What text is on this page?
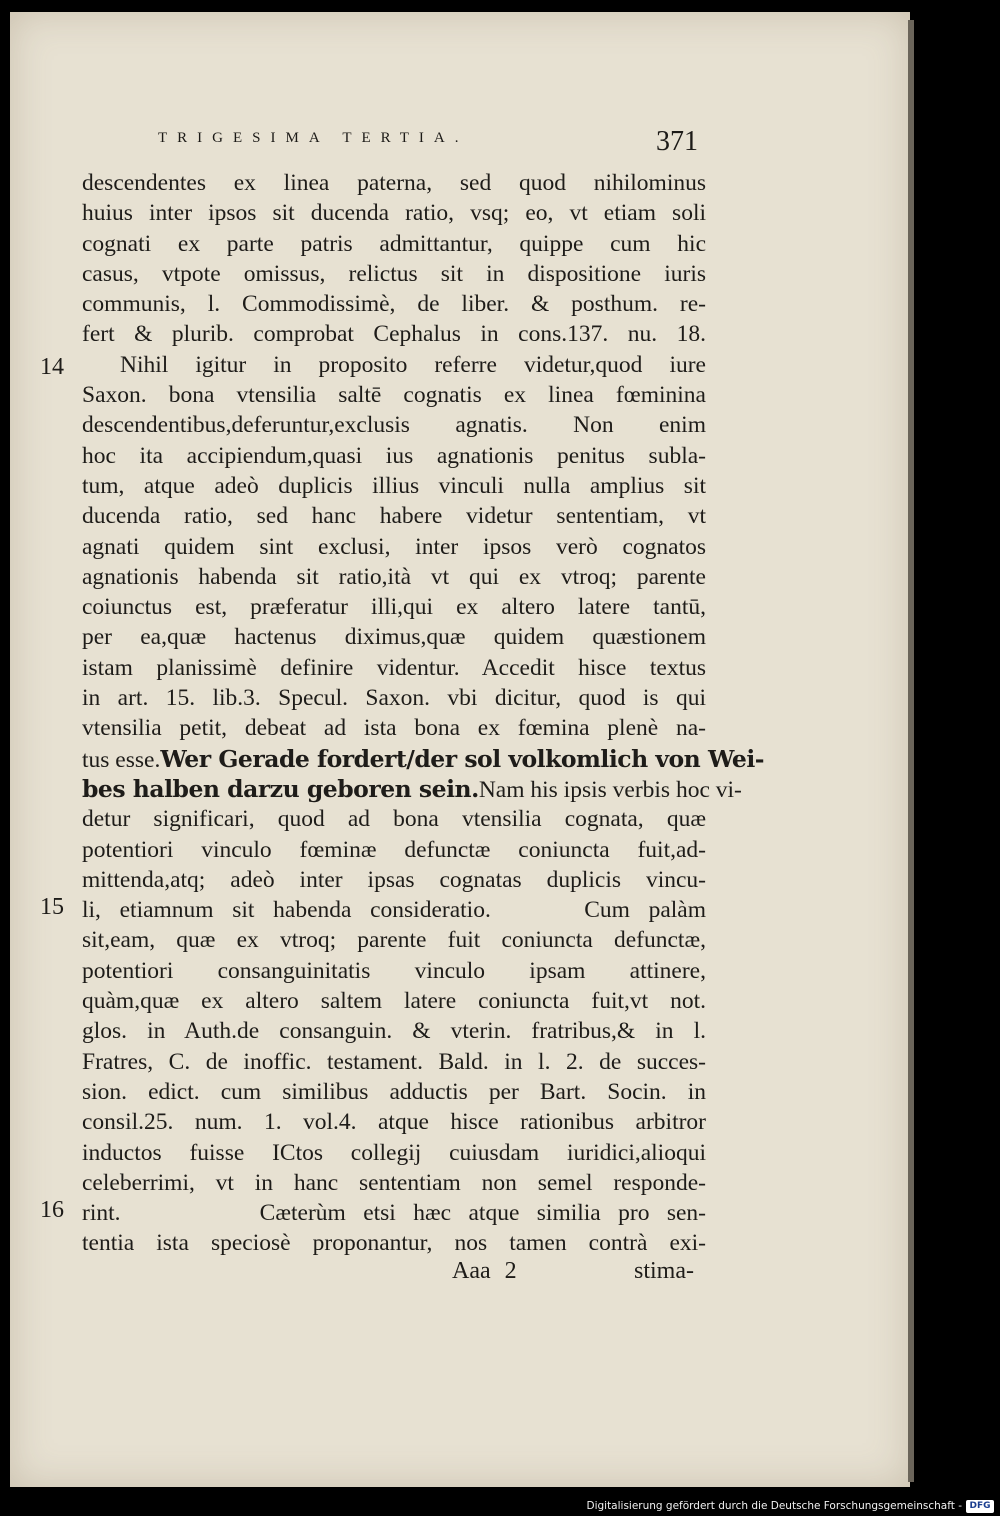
TRIGESIMA TERTIA.	371
descendentes ex linea paterna, sed quod nihilominus
huius inter ipsos sit ducenda ratio, vsq; eo, vt etiam soli
cognati ex parte patris admittantur, quippe cum hic
casus, vtpote omissus, relictus sit in dispositione iuris
communis, l. Commodissimè, de liber. & posthum. re-
fert & plurib. comprobat Cephalus in cons.137. nu. 18.
Nihil igitur in proposito referre videtur,quod iure
Saxon. bona vtensilia saltē cognatis ex linea fœminina
descendentibus,deferuntur,exclusis agnatis. Non enim
hoc ita accipiendum,quasi ius agnationis penitus subla-
tum, atque adeò duplicis illius vinculi nulla amplius sit
ducenda ratio, sed hanc habere videtur sententiam, vt
agnati quidem sint exclusi, inter ipsos verò cognatos
agnationis habenda sit ratio,ità vt qui ex vtroq; parente
coiunctus est, præferatur illi,qui ex altero latere tantū,
per ea,quæ hactenus diximus,quæ quidem quæstionem
istam planissimè definire videntur. Accedit hisce textus
in art. 15. lib.3. Specul. Saxon. vbi dicitur, quod is qui
vtensilia petit, debeat ad ista bona ex fœmina plenè na-
tus esse.Wer Gerade fordert/der sol volkomlich von Wei-
bes halben darzu geboren sein.Nam his ipsis verbis hoc vi-
detur significari, quod ad bona vtensilia cognata, quæ
potentiori vinculo fœminæ defunctæ coniuncta fuit,ad-
mittenda,atq; adeò inter ipsas cognatas duplicis vincu-
li, etiamnum sit habenda consideratio.     Cum palàm
sit,eam, quæ ex vtroq; parente fuit coniuncta defunctæ,
potentiori consanguinitatis vinculo ipsam attinere,
quàm,quæ ex altero saltem latere coniuncta fuit,vt not.
glos. in Auth.de consanguin. & vterin. fratribus,& in l.
Fratres, C. de inoffic. testament. Bald. in l. 2. de succes-
sion. edict. cum similibus adductis per Bart. Socin. in
consil.25. num. 1. vol.4. atque hisce rationibus arbitror
inductos fuisse ICtos collegij cuiusdam iuridici,alioqui
celeberrimi, vt in hanc sententiam non semel responde-
rint.        Cæterùm etsi hæc atque similia pro sen-
tentia ista speciosè proponantur, nos tamen contrà exi-
14
15
16
Aaa 2	stima-
Digitalisierung gefördert durch die Deutsche Forschungsgemeinschaft - DFG
